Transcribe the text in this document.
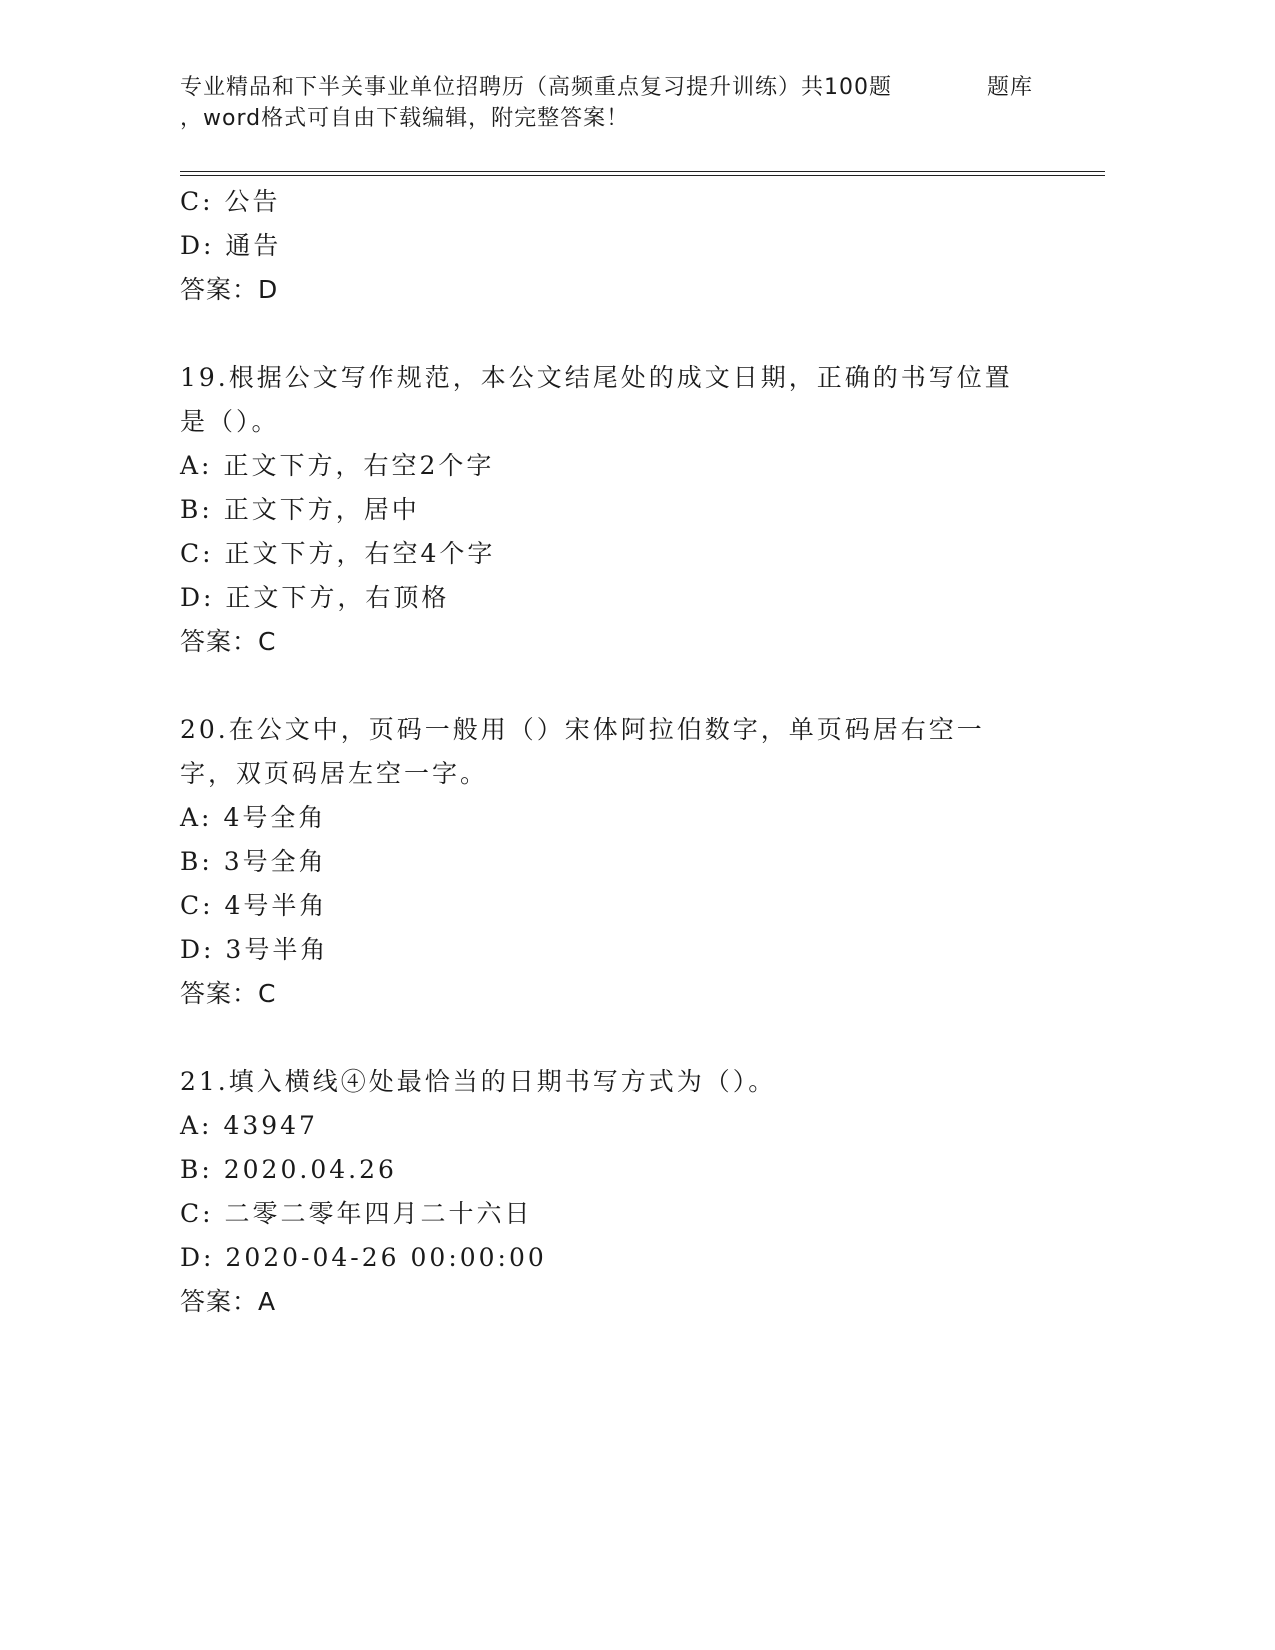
专业精品和下半关事业单位招聘历（高频重点复习提升训练）共100题	题库
，word格式可自由下载编辑，附完整答案！
C: 公告
D: 通告
答案：D
19.根据公文写作规范，本公文结尾处的成文日期，正确的书写位置是（）。
A: 正文下方，右空2个字
B: 正文下方，居中
C: 正文下方，右空4个字
D: 正文下方，右顶格
答案：C
20.在公文中，页码一般用（）宋体阿拉伯数字，单页码居右空一字，双页码居左空一字。
A: 4号全角
B: 3号全角
C: 4号半角
D: 3号半角
答案：C
21.填入横线④处最恰当的日期书写方式为（）。
A: 43947
B: 2020.04.26
C: 二零二零年四月二十六日
D: 2020-04-26 00:00:00
答案：A
